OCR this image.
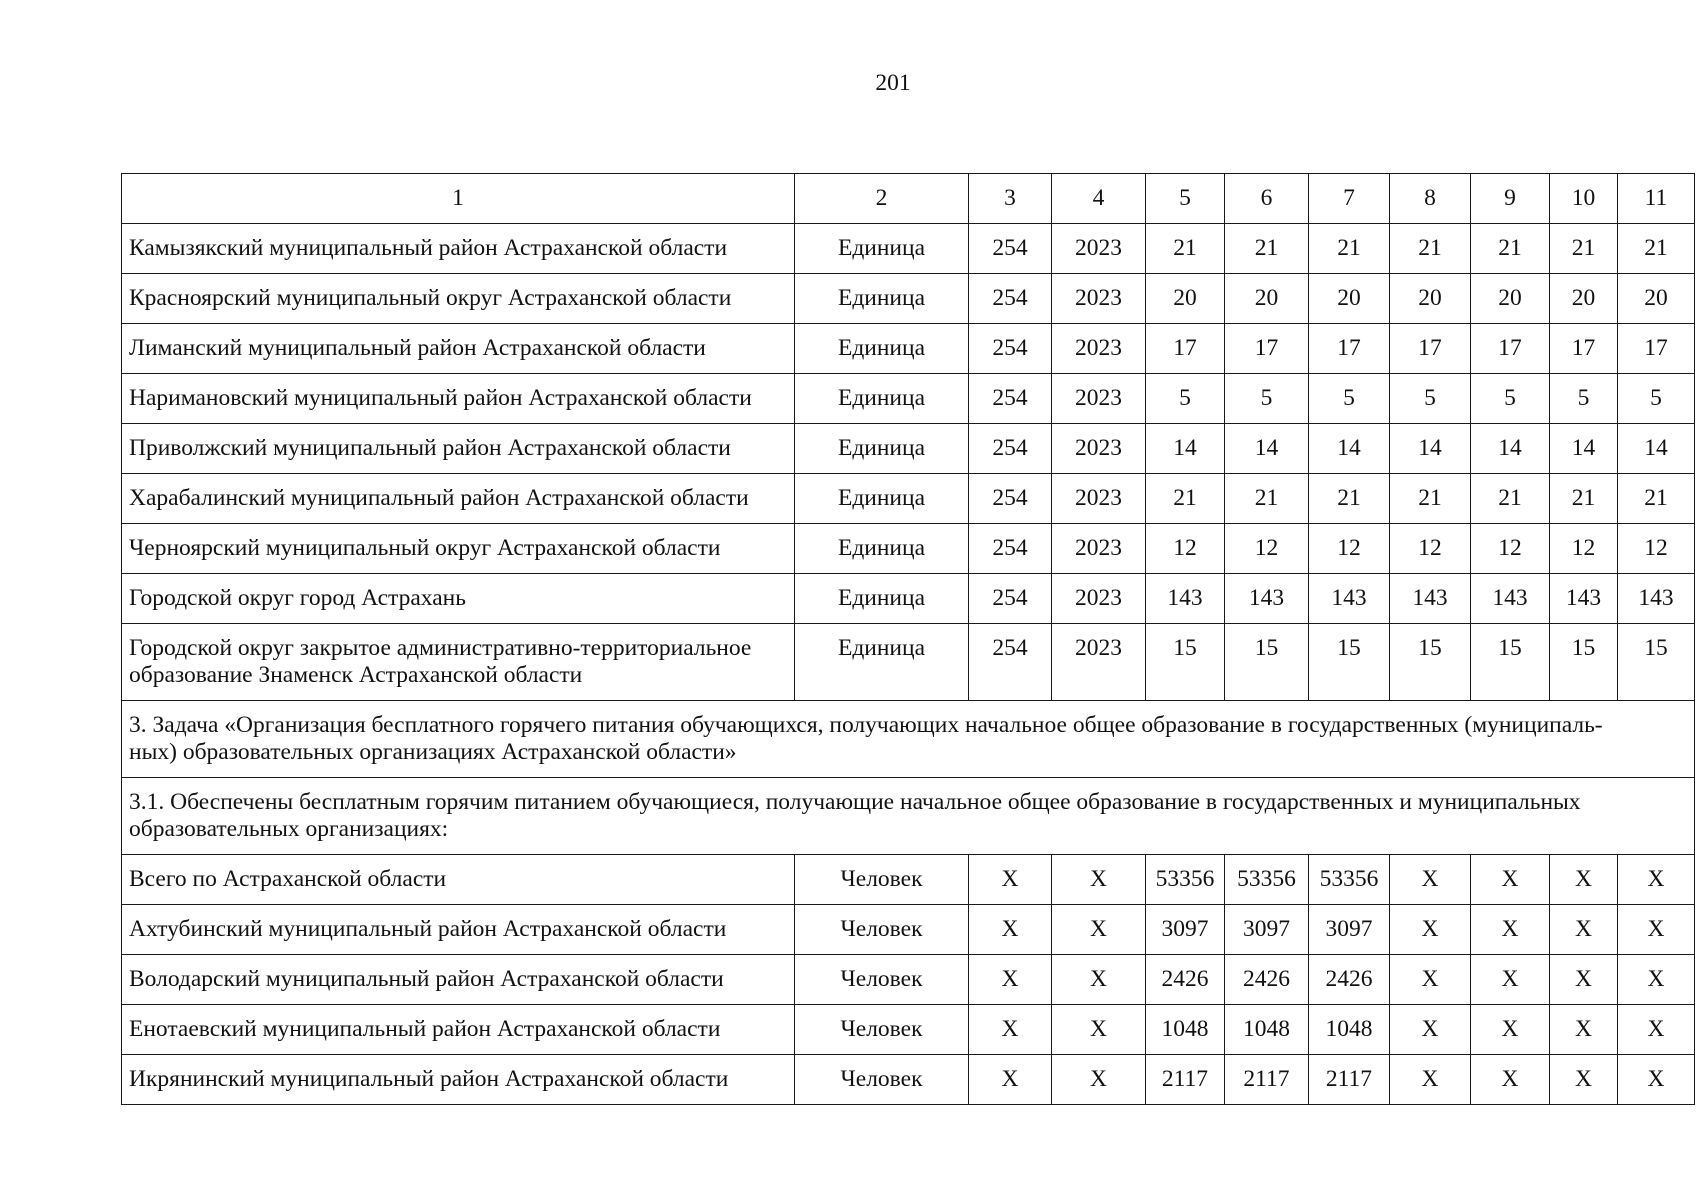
201
1	2	3	4	5	6	7	8	9	10	11
Камызякский муниципальный район Астраханской области	Единица	254	2023	21	21	21	21	21	21	21
Красноярский муниципальный округ Астраханской области	Единица	254	2023	20	20	20	20	20	20	20
Лиманский муниципальный район Астраханской области	Единица	254	2023	17	17	17	17	17	17	17
Наримановский муниципальный район Астраханской области	Единица	254	2023	5	5	5	5	5	5	5
Приволжский муниципальный район Астраханской области	Единица	254	2023	14	14	14	14	14	14	14
Харабалинский муниципальный район Астраханской области	Единица	254	2023	21	21	21	21	21	21	21
Черноярский муниципальный округ Астраханской области	Единица	254	2023	12	12	12	12	12	12	12
Городской округ город Астрахань	Единица	254	2023	143	143	143	143	143	143	143

Городской округ закрытое административно-территориальное
образование Знаменск Астраханской области	Единица	254	2023	15	15	15	15	15	15	15

3. Задача «Организация бесплатного горячего питания обучающихся, получающих начальное общее образование в государственных (муниципаль-
ных) образовательных организациях Астраханской области»										

3.1. Обеспечены бесплатным горячим питанием обучающиеся, получающие начальное общее образование в государственных и муниципальных
образовательных организациях:										

Всего по Астраханской области	Человек	X	X	53356	53356	53356	X	X	X	X
Ахтубинский муниципальный район Астраханской области	Человек	X	X	3097	3097	3097	X	X	X	X
Володарский муниципальный район Астраханской области	Человек	X	X	2426	2426	2426	X	X	X	X
Енотаевский муниципальный район Астраханской области	Человек	X	X	1048	1048	1048	X	X	X	X
Икрянинский муниципальный район Астраханской области	Человек	X	X	2117	2117	2117	X	X	X	X
